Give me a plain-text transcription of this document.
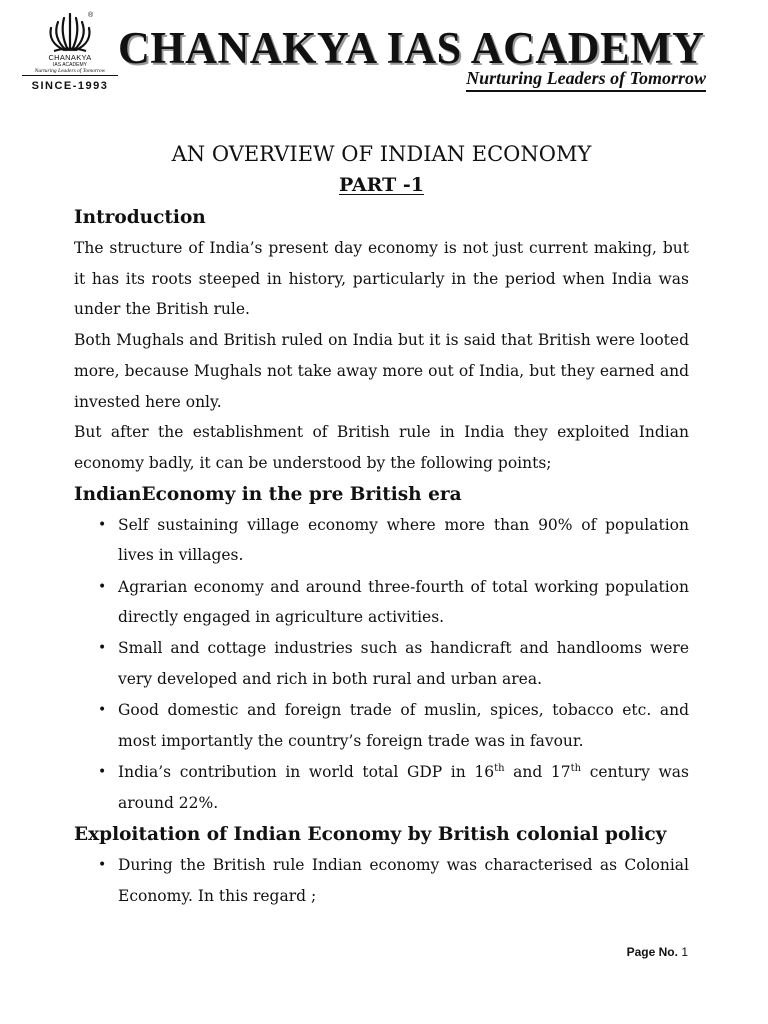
CHANAKYA
IAS ACADEMY
Nurturing Leaders of Tomorrow
SINCE-1993
®
CHANAKYA IAS ACADEMY
Nurturing Leaders of Tomorrow
AN OVERVIEW OF INDIAN ECONOMY
PART -1
Introduction

The structure of India’s present day economy is not just current making, but it has its roots steeped in history, particularly in the period when India was under the British rule.

Both Mughals and British ruled on India but it is said that British were looted more, because Mughals not take away more out of India, but they earned and invested here only.

But after the establishment of British rule in India they exploited Indian economy badly, it can be understood by the following points;

IndianEconomy in the pre British era
• Self sustaining village economy where more than 90% of population lives in villages.
• Agrarian economy and around three-fourth of total working population directly engaged in agriculture activities.
• Small and cottage industries such as handicraft and handlooms were very developed and rich in both rural and urban area.
• Good domestic and foreign trade of muslin, spices, tobacco etc. and most importantly the country’s foreign trade was in favour.
• India’s contribution in world total GDP in 16th and 17th century was around 22%.
Exploitation of Indian Economy by British colonial policy
• During the British rule Indian economy was characterised as Colonial Economy. In this regard ;
Page No. 1
